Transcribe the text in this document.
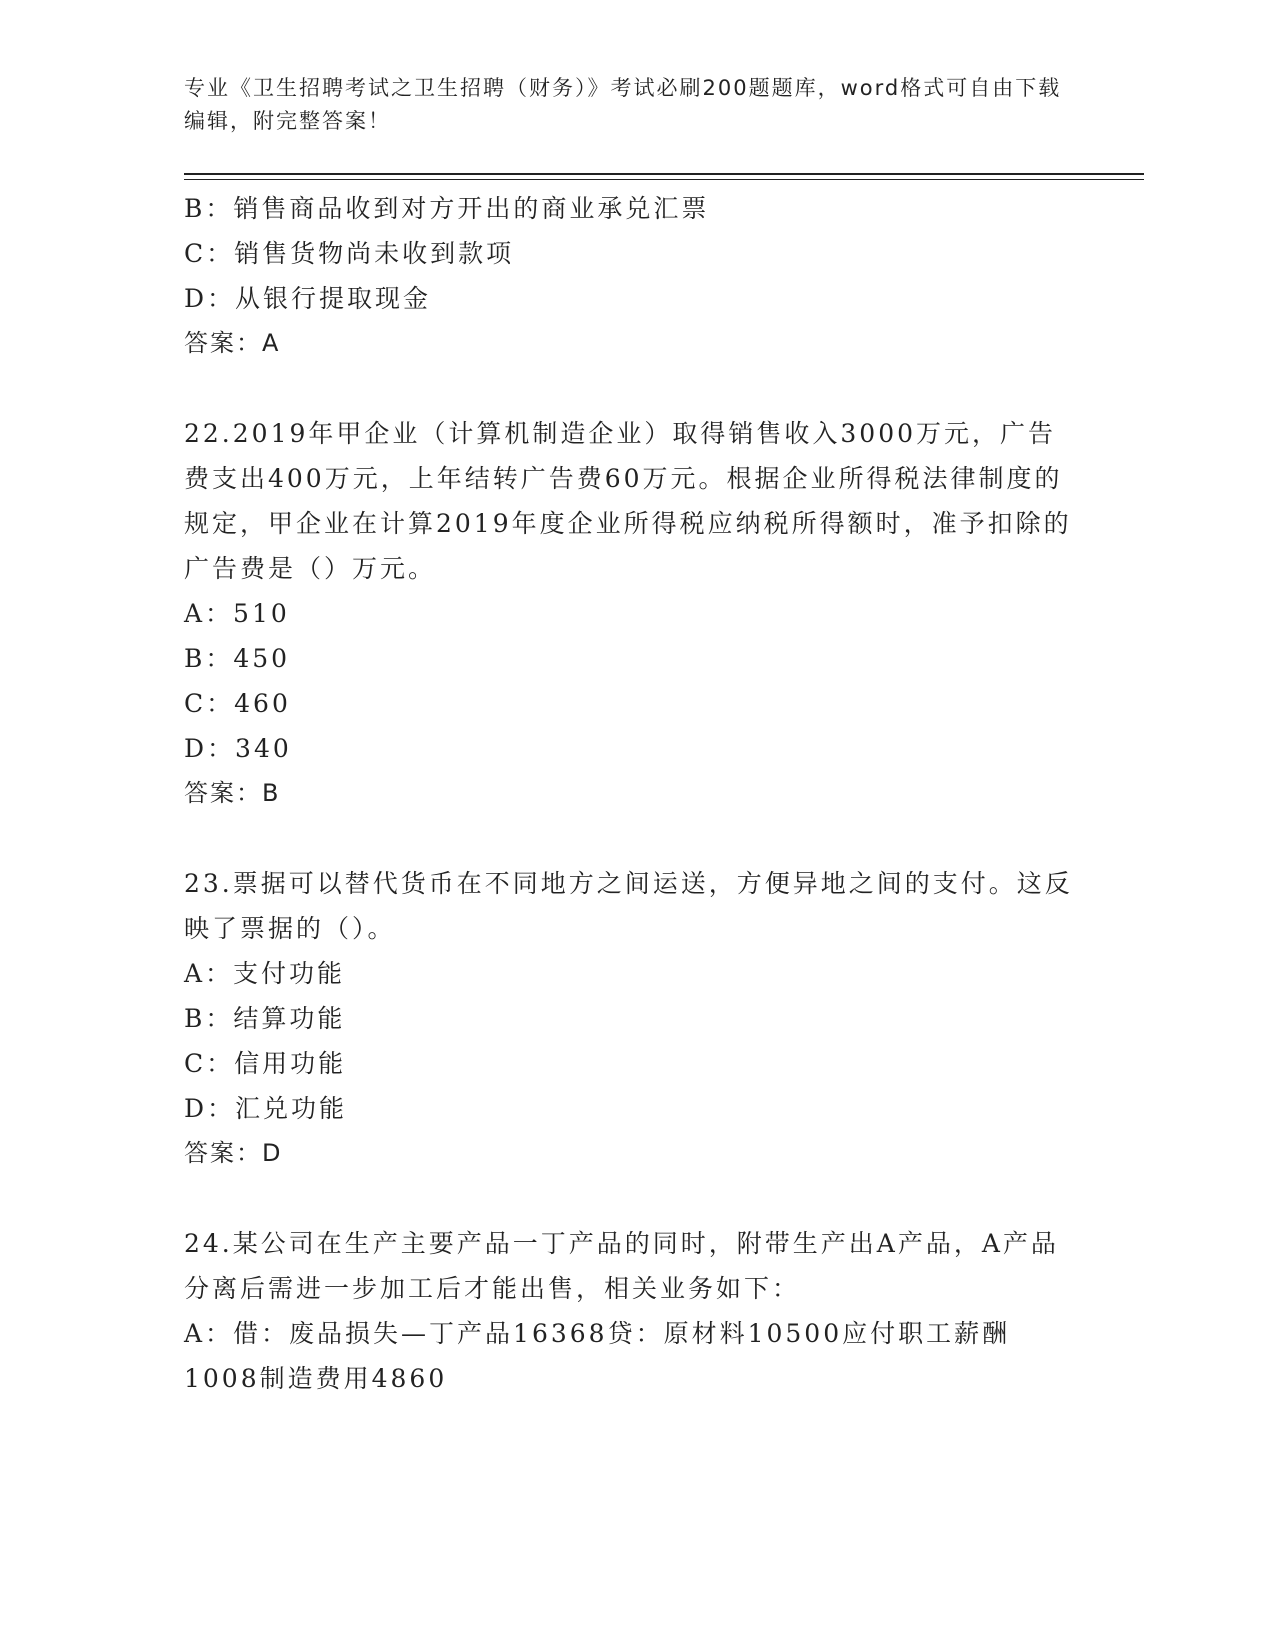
专业《卫生招聘考试之卫生招聘（财务）》考试必刷200题题库，word格式可自由下载编辑，附完整答案！

B：销售商品收到对方开出的商业承兑汇票

C：销售货物尚未收到款项

D：从银行提取现金

答案：A

22.2019年甲企业（计算机制造企业）取得销售收入3000万元，广告费支出400万元，上年结转广告费60万元。根据企业所得税法律制度的规定，甲企业在计算2019年度企业所得税应纳税所得额时，准予扣除的广告费是（）万元。

A：510

B：450

C：460

D：340

答案：B

23.票据可以替代货币在不同地方之间运送，方便异地之间的支付。这反映了票据的（）。

A：支付功能

B：结算功能

C：信用功能

D：汇兑功能

答案：D

24.某公司在生产主要产品一丁产品的同时，附带生产出A产品，A产品分离后需进一步加工后才能出售，相关业务如下：

A：借：废品损失—丁产品16368贷：原材料10500应付职工薪酬1008制造费用4860
